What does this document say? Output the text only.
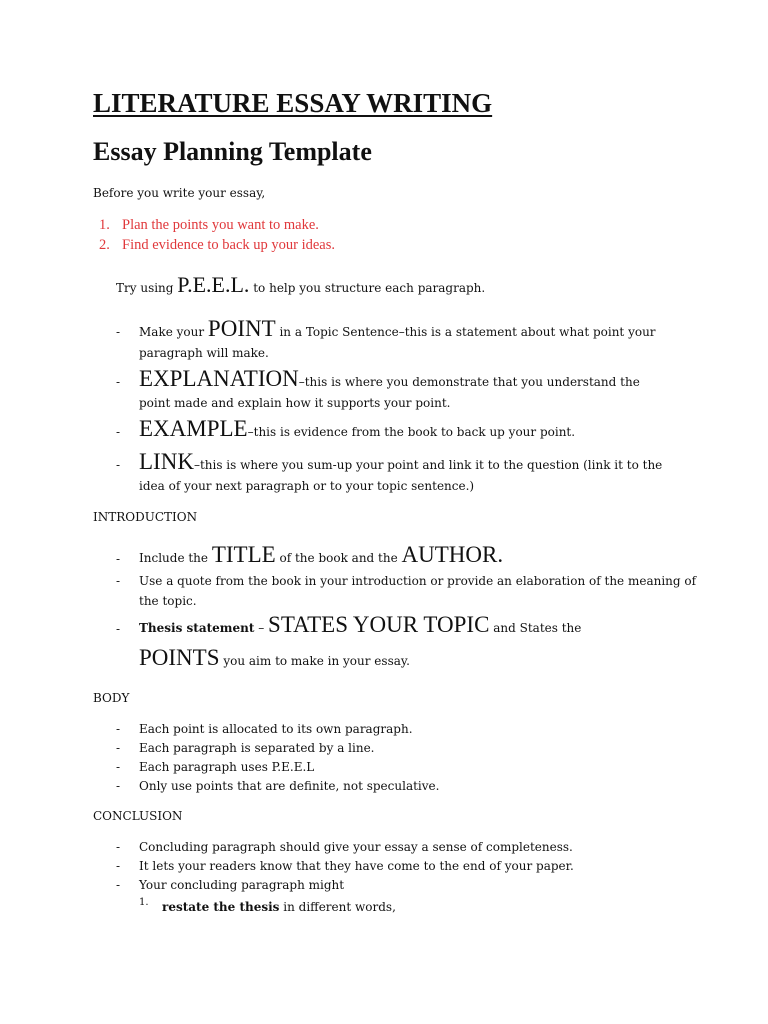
LITERATURE ESSAY WRITING
Essay Planning Template
Before you write your essay,
1. Plan the points you want to make.
2. Find evidence to back up your ideas.
Try using P.E.E.L. to help you structure each paragraph.
- Make your POINT in a Topic Sentence–this is a statement about what point your
paragraph will make.
- EXPLANATION–this is where you demonstrate that you understand the
point made and explain how it supports your point.
- EXAMPLE–this is evidence from the book to back up your point.
- LINK–this is where you sum-up your point and link it to the question (link it to the
idea of your next paragraph or to your topic sentence.)
INTRODUCTION
- Include the TITLE of the book and the AUTHOR.
- Use a quote from the book in your introduction or provide an elaboration of the meaning of
the topic.
- Thesis statement – STATES YOUR TOPIC and States the
POINTS you aim to make in your essay.
BODY
- Each point is allocated to its own paragraph.
- Each paragraph is separated by a line.
- Each paragraph uses P.E.E.L
- Only use points that are definite, not speculative.
CONCLUSION
- Concluding paragraph should give your essay a sense of completeness.
- It lets your readers know that they have come to the end of your paper.
- Your concluding paragraph might
1. restate the thesis in different words,
